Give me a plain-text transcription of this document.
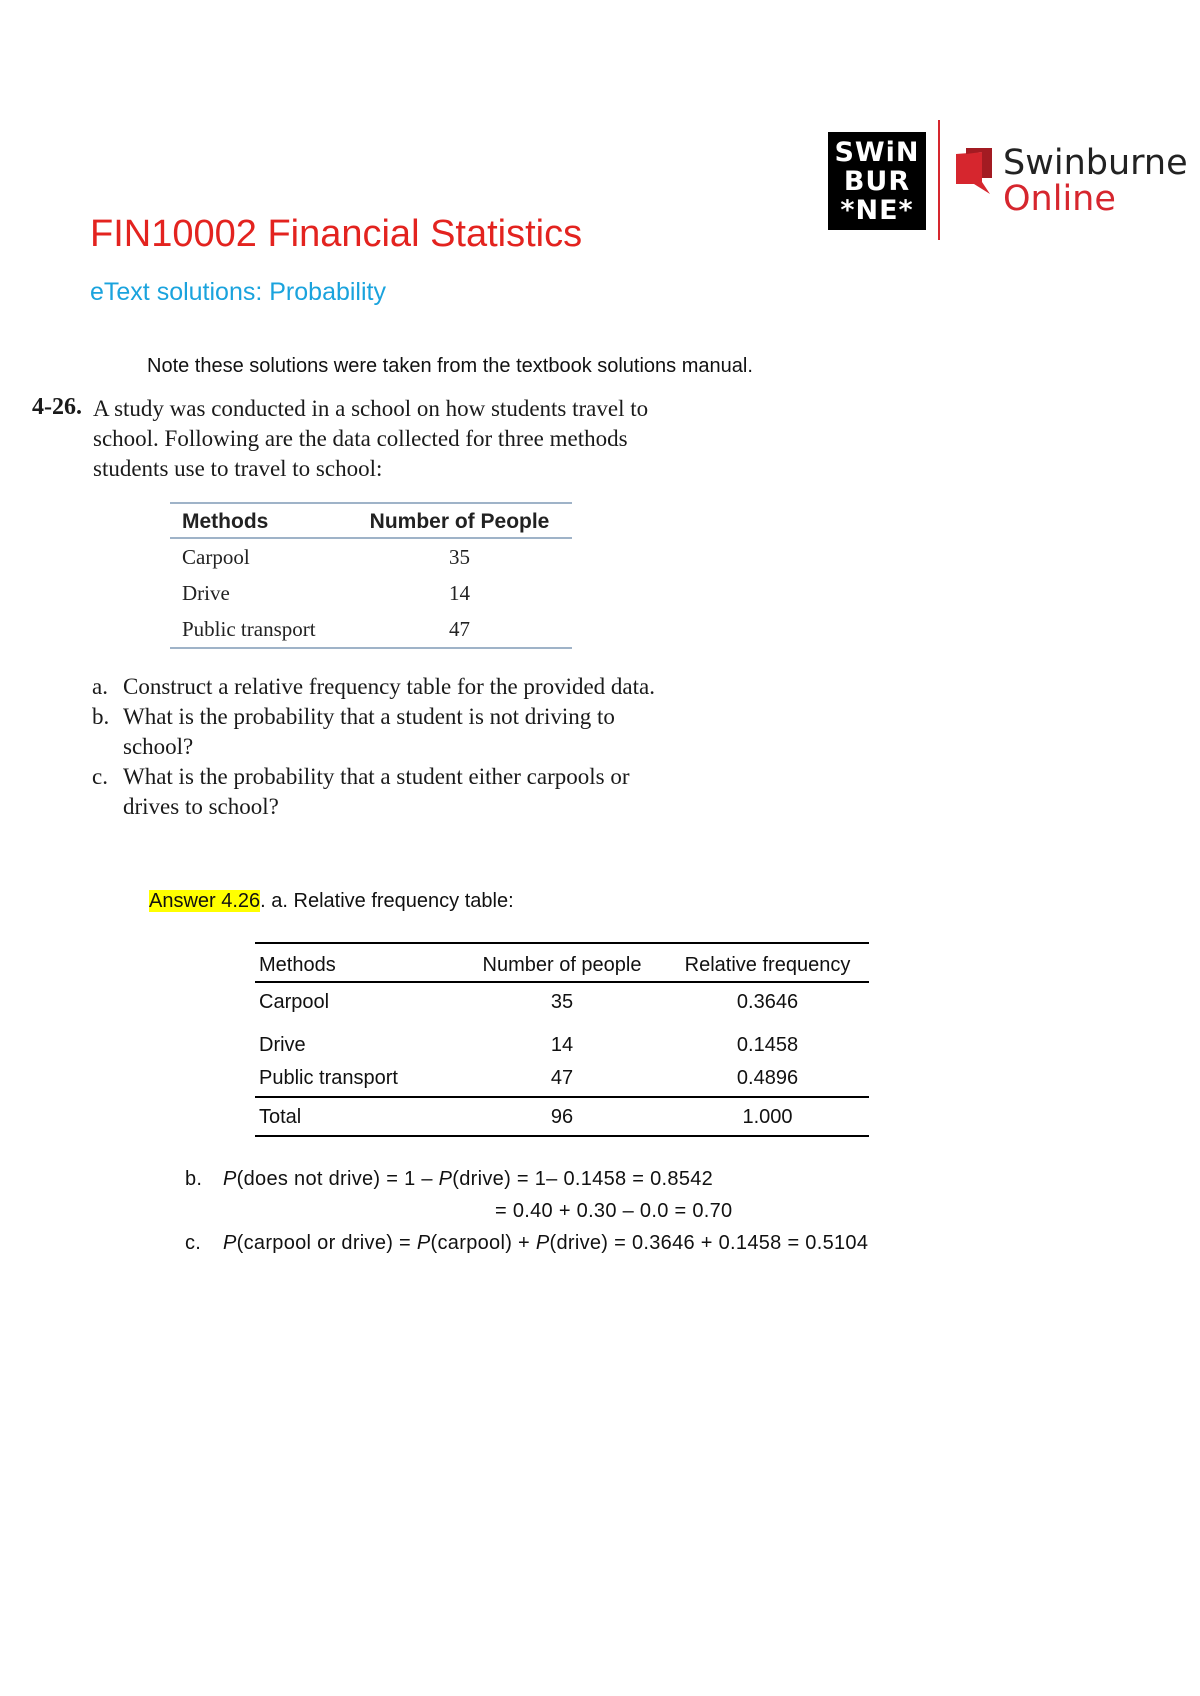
SWiN
BUR
*NE*
Swinburne
Online
FIN10002 Financial Statistics
eText solutions: Probability
Note these solutions were taken from the textbook solutions manual.
4-26. A study was conducted in a school on how students travel to school. Following are the data collected for three methods students use to travel to school:
Methods	Number of People
Carpool	35
Drive	14
Public transport	47

a. Construct a relative frequency table for the provided data.

b. What is the probability that a student is not driving to school?

c. What is the probability that a student either carpools or drives to school?

Answer 4.26. a. Relative frequency table:
Methods	Number of people	Relative frequency
Carpool	35	0.3646
Drive	14	0.1458
Public transport	47	0.4896
Total	96	1.000
b. P(does not drive) = 1 – P(drive) = 1– 0.1458 = 0.8542
= 0.40 + 0.30 – 0.0 = 0.70
c. P(carpool or drive) = P(carpool) + P(drive) = 0.3646 + 0.1458 = 0.5104
